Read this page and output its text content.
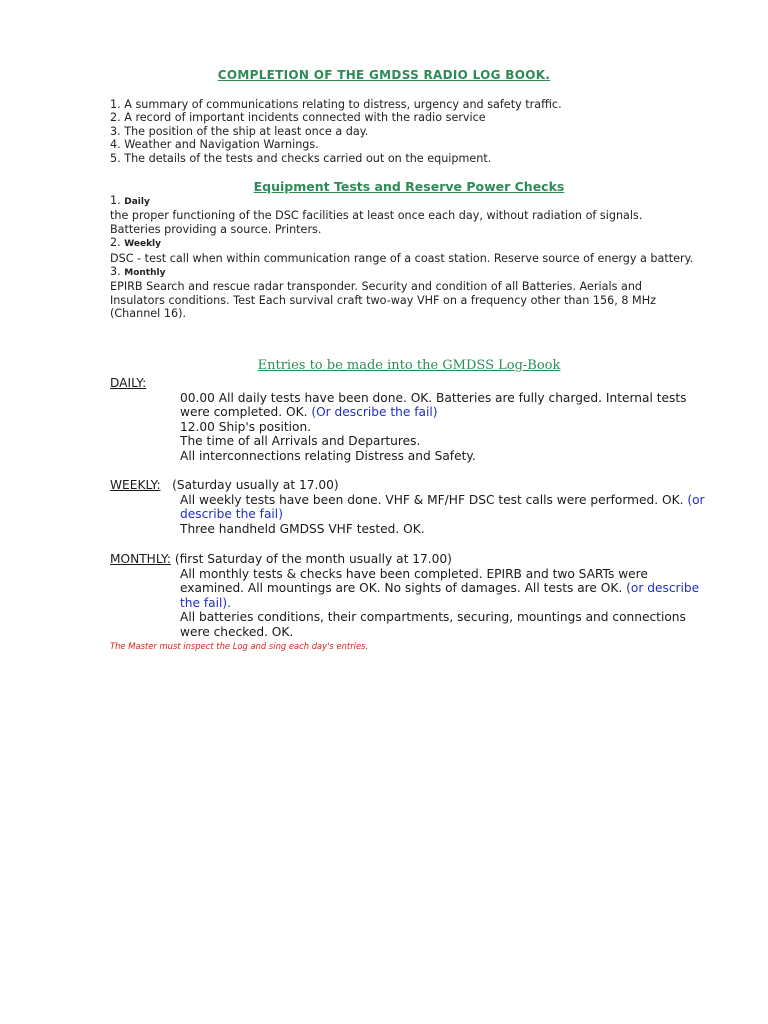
COMPLETION OF THE GMDSS RADIO LOG BOOK.
1. A summary of communications relating to distress, urgency and safety traffic.
2. A record of important incidents connected with the radio service
3. The position of the ship at least once a day.
4. Weather and Navigation Warnings.
5. The details of the tests and checks carried out on the equipment.
Equipment Tests and Reserve Power Checks
1. Daily
the proper functioning of the DSC facilities at least once each day, without radiation of signals. Batteries providing a source. Printers.
2. Weekly
DSC - test call when within communication range of a coast station. Reserve source of energy a battery.
3. Monthly
EPIRB Search and rescue radar transponder. Security and condition of all Batteries. Aerials and Insulators conditions. Test Each survival craft two-way VHF on a frequency other than 156, 8 MHz (Channel 16).
Entries to be made into the GMDSS Log-Book
DAILY:
00.00 All daily tests have been done. OK. Batteries are fully charged. Internal tests were completed. OK. (Or describe the fail)
12.00 Ship's position.
The time of all Arrivals and Departures.
All interconnections relating Distress and Safety.
WEEKLY: (Saturday usually at 17.00)
All weekly tests have been done. VHF & MF/HF DSC test calls were performed. OK. (or describe the fail)
Three handheld GMDSS VHF tested. OK.
MONTHLY: (first Saturday of the month usually at 17.00)
All monthly tests & checks have been completed. EPIRB and two SARTs were examined. All mountings are OK. No sights of damages. All tests are OK. (or describe the fail).
All batteries conditions, their compartments, securing, mountings and connections were checked. OK.
The Master must inspect the Log and sing each day's entries.
